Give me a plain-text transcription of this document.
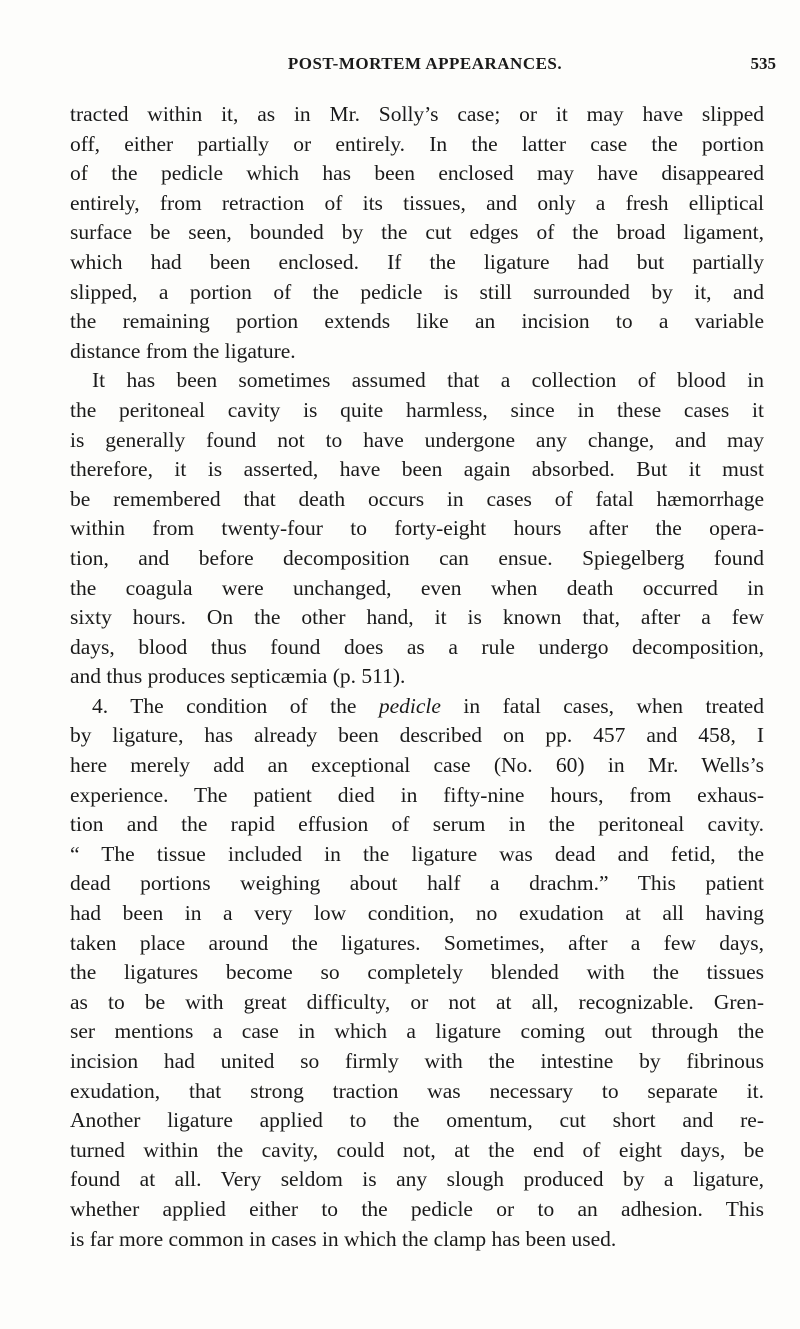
POST-MORTEM APPEARANCES.	535
tracted within it, as in Mr. Solly’s case; or it may have slipped
off, either partially or entirely. In the latter case the portion
of the pedicle which has been enclosed may have disappeared
entirely, from retraction of its tissues, and only a fresh elliptical
surface be seen, bounded by the cut edges of the broad ligament,
which had been enclosed. If the ligature had but partially
slipped, a portion of the pedicle is still surrounded by it, and
the remaining portion extends like an incision to a variable
distance from the ligature.
It has been sometimes assumed that a collection of blood in
the peritoneal cavity is quite harmless, since in these cases it
is generally found not to have undergone any change, and may
therefore, it is asserted, have been again absorbed. But it must
be remembered that death occurs in cases of fatal hæmorrhage
within from twenty-four to forty-eight hours after the opera-
tion, and before decomposition can ensue. Spiegelberg found
the coagula were unchanged, even when death occurred in
sixty hours. On the other hand, it is known that, after a few
days, blood thus found does as a rule undergo decomposition,
and thus produces septicæmia (p. 511).
4. The condition of the pedicle in fatal cases, when treated
by ligature, has already been described on pp. 457 and 458, I
here merely add an exceptional case (No. 60) in Mr. Wells’s
experience. The patient died in fifty-nine hours, from exhaus-
tion and the rapid effusion of serum in the peritoneal cavity.
“ The tissue included in the ligature was dead and fetid, the
dead portions weighing about half a drachm.” This patient
had been in a very low condition, no exudation at all having
taken place around the ligatures. Sometimes, after a few days,
the ligatures become so completely blended with the tissues
as to be with great difficulty, or not at all, recognizable. Gren-
ser mentions a case in which a ligature coming out through the
incision had united so firmly with the intestine by fibrinous
exudation, that strong traction was necessary to separate it.
Another ligature applied to the omentum, cut short and re-
turned within the cavity, could not, at the end of eight days, be
found at all. Very seldom is any slough produced by a ligature,
whether applied either to the pedicle or to an adhesion. This
is far more common in cases in which the clamp has been used.
